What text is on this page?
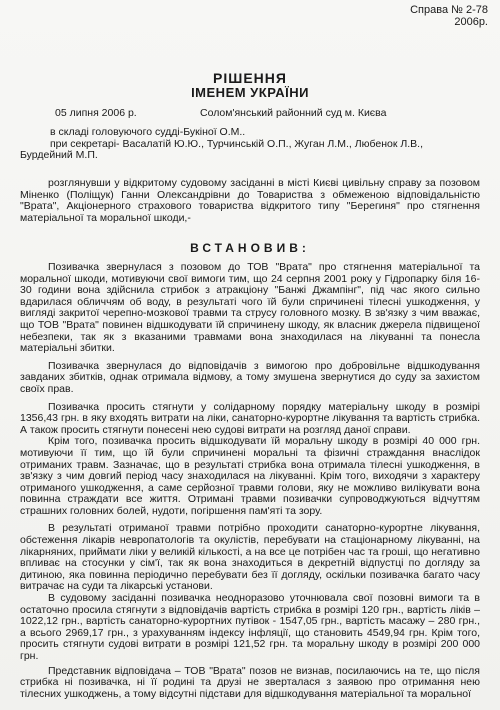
Справа № 2-78
2006р.
РІШЕННЯ
ІМЕНЕМ УКРАЇНИ
05 липня 2006 р.	Солом'янський районний суд м. Києва

в складі головуючого судді-Букіної О.М..

при секретарі- Васалатій Ю.Ю., Турчинській О.П., Жуган Л.М., Любенок Л.В.,

Бурдейний М.П.

розглянувши у відкритому судовому засіданні в місті Києві цивільну справу за позовом Міненко (Поліщук) Ганни Олександрівни до Товариства з обмеженою відповідальністю "Врата", Акціонерного страхового товариства відкритого типу "Берегиня" про стягнення матеріальної та моральної шкоди,-

ВСТАНОВИВ:

Позивачка звернулася з позовом до ТОВ "Врата" про стягнення матеріальної та моральної шкоди, мотивуючи свої вимоги тим, що 24 серпня 2001 року у Гідропарку біля 16-30 години вона здійснила стрибок з атракціону "Банжі Джампінг", під час якого сильно вдарилася обличчям об воду, в результаті чого їй були спричинені тілесні ушкодження, у вигляді закритої черепно-мозкової травми та струсу головного мозку. В зв'язку з чим вважає, що ТОВ "Врата" повинен відшкодувати їй спричинену шкоду, як власник джерела підвищеної небезпеки, так як з вказаними травмами вона знаходилася на лікуванні та понесла матеріальні збитки.

Позивачка звернулася до відповідачів з вимогою про добровільне відшкодування завданих збитків, однак отримала відмову, а тому змушена звернутися до суду за захистом своїх прав.

Позивачка просить стягнути у солідарному порядку матеріальну шкоду в розмірі 1356,43 грн. в яку входять витрати на ліки, санаторно-курортне лікування та вартість стрибка. А також просить стягнути понесені нею судові витрати на розгляд даної справи.

Крім того, позивачка просить відшкодувати їй моральну шкоду в розмірі 40 000 грн. мотивуючи її тим, що їй були спричинені моральні та фізичні страждання внаслідок отриманих травм. Зазначає, що в результаті стрибка вона отримала тілесні ушкодження, в зв'язку з чим довгий період часу знаходилася на лікуванні. Крім того, виходячи з характеру отриманого ушкодження, а саме серйозної травми голови, яку не можливо вилікувати вона повинна страждати все життя. Отримані травми позивачки супроводжуються відчуттям страшних головних болей, нудоти, погіршення пам'яті та зору.

В результаті отриманої травми потрібно проходити санаторно-курортне лікування, обстеження лікарів невропатологів та окулістів, перебувати на стаціонарному лікуванні, на лікарняних, приймати ліки у великій кількості, а на все це потрібен час та гроші, що негативно впливає на стосунки у сім'ї, так як вона знаходиться в декретній відпустці по догляду за дитиною, яка повинна періодично перебувати без її догляду, оскільки позивачка багато часу витрачає на суди та лікарські установи.

В судовому засіданні позивачка неодноразово уточнювала свої позовні вимоги та в остаточно просила стягнути з відповідачів вартість стрибка в розмірі 120 грн., вартість ліків – 1022,12 грн., вартість санаторно-курортних путівок - 1547,05 грн., вартість масажу – 280 грн., а всього 2969,17 грн., з урахуванням індексу інфляції, що становить 4549,94 грн. Крім того, просить стягнути судові витрати в розмірі 121,52 грн. та моральну шкоду в розмірі 200 000 грн.

Представник відповідача – ТОВ "Врата" позов не визнав, посилаючись на те, що після стрибка ні позивачка, ні її родині та друзі не зверталася з заявою про отримання нею тілесних ушкоджень, а тому відсутні підстави для відшкодування матеріальної та моральної
